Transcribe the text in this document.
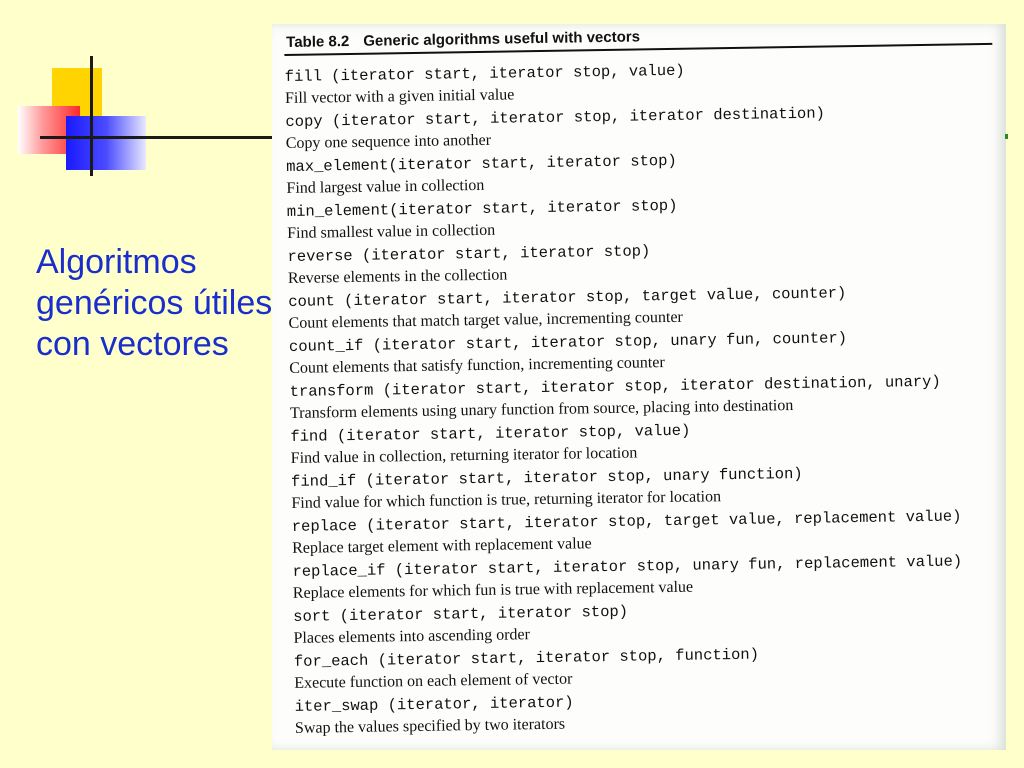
Algoritmos
genéricos útiles
con vectores
Table 8.2 Generic algorithms useful with vectors
fill (iterator start, iterator stop, value)
Fill vector with a given initial value
copy (iterator start, iterator stop, iterator destination)
Copy one sequence into another
max_element(iterator start, iterator stop)
Find largest value in collection
min_element(iterator start, iterator stop)
Find smallest value in collection
reverse (iterator start, iterator stop)
Reverse elements in the collection
count (iterator start, iterator stop, target value, counter)
Count elements that match target value, incrementing counter
count_if (iterator start, iterator stop, unary fun, counter)
Count elements that satisfy function, incrementing counter
transform (iterator start, iterator stop, iterator destination, unary)
Transform elements using unary function from source, placing into destination
find (iterator start, iterator stop, value)
Find value in collection, returning iterator for location
find_if (iterator start, iterator stop, unary function)
Find value for which function is true, returning iterator for location
replace (iterator start, iterator stop, target value, replacement value)
Replace target element with replacement value
replace_if (iterator start, iterator stop, unary fun, replacement value)
Replace elements for which fun is true with replacement value
sort (iterator start, iterator stop)
Places elements into ascending order
for_each (iterator start, iterator stop, function)
Execute function on each element of vector
iter_swap (iterator, iterator)
Swap the values specified by two iterators
